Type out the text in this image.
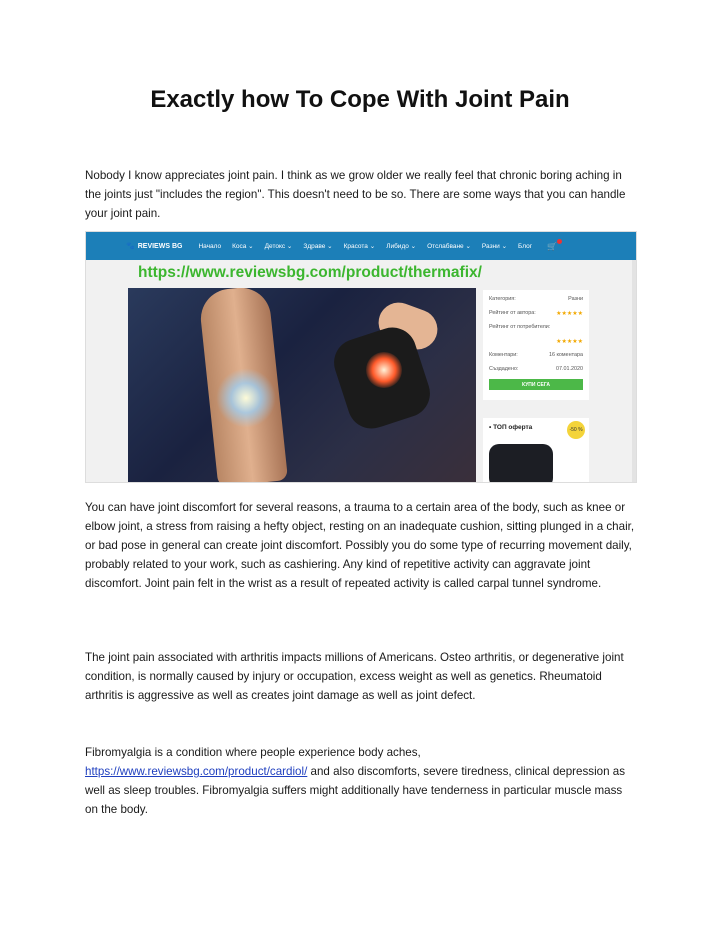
Exactly how To Cope With Joint Pain

Nobody I know appreciates joint pain. I think as we grow older we really feel that chronic boring aching in the joints just "includes the region". This doesn't need to be so. There are some ways that you can handle your joint pain.

🐾 REVIEWS BG Начало Коса ⌄ Детокс ⌄ Здраве ⌄ Красота ⌄ Либидо ⌄ Отслабване ⌄ Разни ⌄ Блог 🛒
https://www.reviewsbg.com/product/thermafix/
Категория:	Разни
Рейтинг от автора:	★★★★★
Рейтинг от потребители:
★★★★★
Коментари:	16 коментара
Създадено:	07.01.2020
КУПИ СЕГА
• ТОП оферта	-50 %

You can have joint discomfort for several reasons, a trauma to a certain area of the body, such as knee or elbow joint, a stress from raising a hefty object, resting on an inadequate cushion, sitting plunged in a chair, or bad pose in general can create joint discomfort. Possibly you do some type of recurring movement daily, probably related to your work, such as cashiering. Any kind of repetitive activity can aggravate joint discomfort. Joint pain felt in the wrist as a result of repeated activity is called carpal tunnel syndrome.

The joint pain associated with arthritis impacts millions of Americans. Osteo arthritis, or degenerative joint condition, is normally caused by injury or occupation, excess weight as well as genetics. Rheumatoid arthritis is aggressive as well as creates joint damage as well as joint defect.

Fibromyalgia is a condition where people experience body aches, https://www.reviewsbg.com/product/cardiol/ and also discomforts, severe tiredness, clinical depression as well as sleep troubles. Fibromyalgia suffers might additionally have tenderness in particular muscle mass on the body.
